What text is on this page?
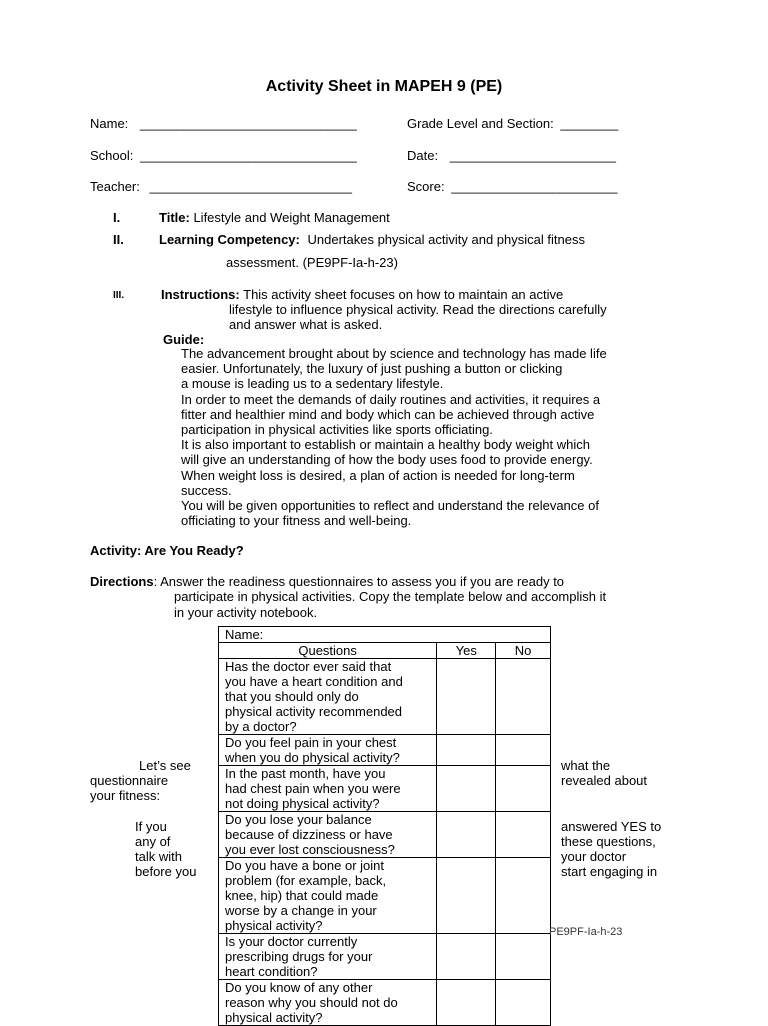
Activity Sheet in MAPEH 9 (PE)
Name: ______________________________	Grade Level and Section: ________
School: ______________________________	Date: _______________________
Teacher: ____________________________	Score: _______________________
I.	Title: Lifestyle and Weight Management
II.	Learning Competency: Undertakes physical activity and physical fitness
assessment. (PE9PF-Ia-h-23)
III.	Instructions: This activity sheet focuses on how to maintain an active
lifestyle to influence physical activity. Read the directions carefully
and answer what is asked.
Guide:
The advancement brought about by science and technology has made life
easier. Unfortunately, the luxury of just pushing a button or clicking
a mouse is leading us to a sedentary lifestyle.
In order to meet the demands of daily routines and activities, it requires a
fitter and healthier mind and body which can be achieved through active
participation in physical activities like sports officiating.
It is also important to establish or maintain a healthy body weight which
will give an understanding of how the body uses food to provide energy.
When weight loss is desired, a plan of action is needed for long-term
success.
You will be given opportunities to reflect and understand the relevance of
officiating to your fitness and well-being.
Activity: Are You Ready?
Directions: Answer the readiness questionnaires to assess you if you are ready to
participate in physical activities. Copy the template below and accomplish it
in your activity notebook.
Name:		
Questions	Yes	No

Has the doctor ever said that
you have a heart condition and
that you should only do
physical activity recommended
by a doctor?		

Do you feel pain in your chest
when you do physical activity?		

In the past month, have you
had chest pain when you were
not doing physical activity?		

Do you lose your balance
because of dizziness or have
you ever lost consciousness?		

Do you have a bone or joint
problem (for example, back,
knee, hip) that could made
worse by a change in your
physical activity?		

Is your doctor currently
prescribing drugs for your
heart condition?		

Do you know of any other
reason why you should not do
physical activity?		

Let’s see
questionnaire
your fitness:
If you
any of
talk with
before you
what the
revealed about
answered YES to
these questions,
your doctor
start engaging in
PE9PF-Ia-h-23
